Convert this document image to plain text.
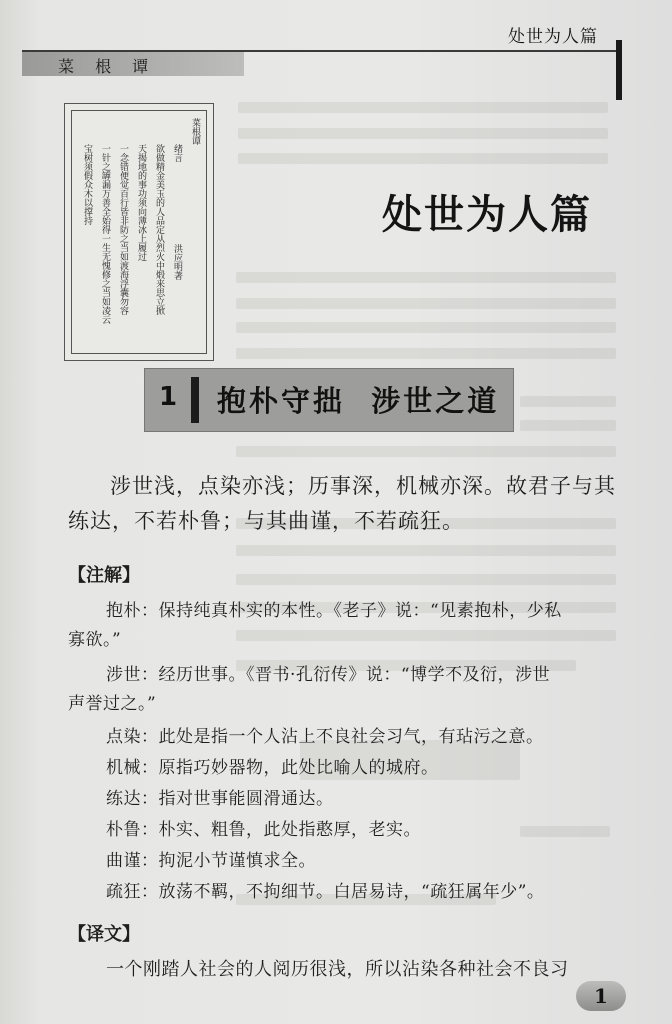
处世为人篇
菜 根 谭
菜根谭
绪言
洪应明著
欲做精金美玉的人品定从烈火中煅来思立掀
天揭地的事功须向薄冰上履过
一念错便觉百行皆非防之当如渡海浮囊勿容
一针之罅漏万善全始得一生无愧修之当如凌云
宝树须假众木以撑持	处世为人篇
1 抱朴守拙  涉世之道
涉世浅，点染亦浅；历事深，机械亦深。故君子与其
练达，不若朴鲁；与其曲谨，不若疏狂。
【注解】
抱朴：保持纯真朴实的本性。《老子》说：“见素抱朴，少私
寡欲。”
涉世：经历世事。《晋书·孔衍传》说：“博学不及衍，涉世
声誉过之。”
点染：此处是指一个人沾上不良社会习气，有玷污之意。
机械：原指巧妙器物，此处比喻人的城府。
练达：指对世事能圆滑通达。
朴鲁：朴实、粗鲁，此处指憨厚，老实。
曲谨：拘泥小节谨慎求全。
疏狂：放荡不羁，不拘细节。白居易诗，“疏狂属年少”。
【译文】
一个刚踏人社会的人阅历很浅，所以沾染各种社会不良习
1
